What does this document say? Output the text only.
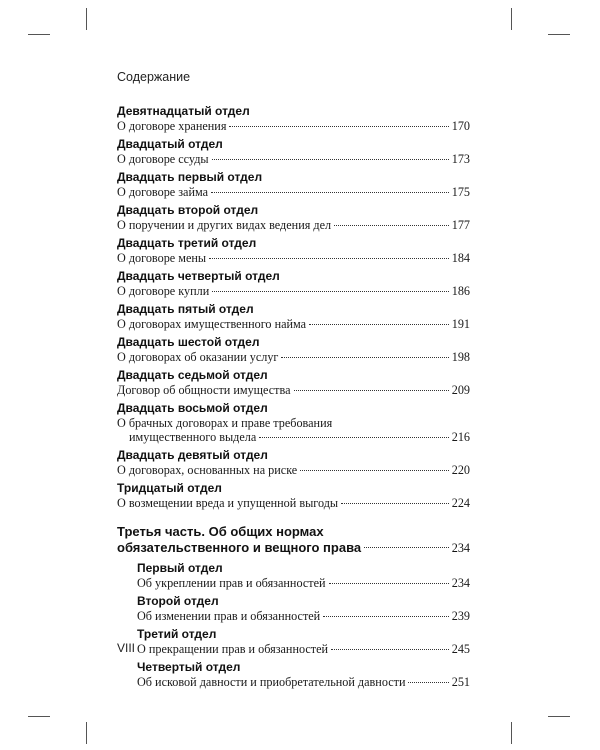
Содержание
Девятнадцатый отдел
О договоре хранения	170
Двадцатый отдел
О договоре ссуды	173
Двадцать первый отдел
О договоре займа	175
Двадцать второй отдел
О поручении и других видах ведения дел	177
Двадцать третий отдел
О договоре мены	184
Двадцать четвертый отдел
О договоре купли	186
Двадцать пятый отдел
О договорах имущественного найма	191
Двадцать шестой отдел
О договорах об оказании услуг	198
Двадцать седьмой отдел
Договор об общности имущества	209
Двадцать восьмой отдел
О брачных договорах и праве требования
имущественного выдела	216
Двадцать девятый отдел
О договорах, основанных на риске	220
Тридцатый отдел
О возмещении вреда и упущенной выгоды	224
Третья часть. Об общих нормах
обязательственного и вещного права	234
Первый отдел
Об укреплении прав и обязанностей	234
Второй отдел
Об изменении прав и обязанностей	239
Третий отдел
О прекращении прав и обязанностей	245
Четвертый отдел
Об исковой давности и приобретательной давности	251
VIII
